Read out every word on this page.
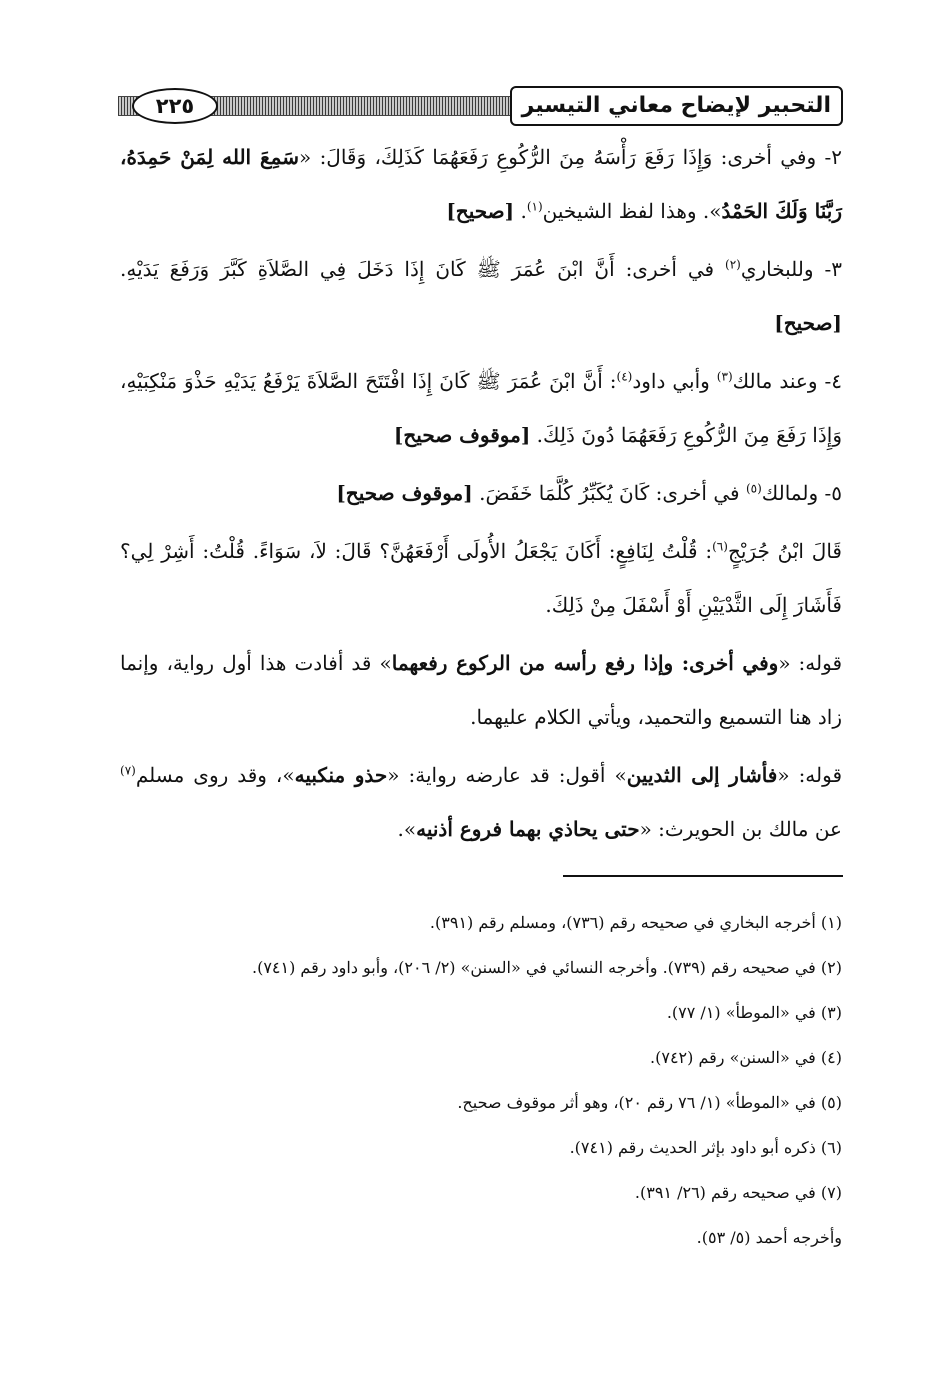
التحبير لإيضاح معاني التيسير
٢٢٥

٢- وفي أخرى: وَإِذَا رَفَعَ رَأْسَهُ مِنَ الرُّكُوعِ رَفَعَهُمَا كَذَلِكَ، وَقَالَ: «سَمِعَ الله لِمَنْ حَمِدَهُ، رَبَّنَا وَلَكَ الحَمْدُ». وهذا لفظ الشيخين$^{(١)}$. [صحيح]

٣- وللبخاري$^{(٢)}$ في أخرى: أَنَّ ابْنَ عُمَرَ ﷺ كَانَ إِذَا دَخَلَ فِي الصَّلاَةِ كَبَّرَ وَرَفَعَ يَدَيْهِ. [صحيح]

٤- وعند مالك$^{(٣)}$ وأبي داود$^{(٤)}$: أَنَّ ابْنَ عُمَرَ ﷺ كَانَ إِذَا افْتَتَحَ الصَّلاَةَ يَرْفَعُ يَدَيْهِ حَذْوَ مَنْكِبَيْهِ، وَإِذَا رَفَعَ مِنَ الرُّكُوعِ رَفَعَهُمَا دُونَ ذَلِكَ. [موقوف صحيح]

٥- ولمالك$^{(٥)}$ في أخرى: كَانَ يُكَبِّرُ كُلَّمَا خَفَضَ. [موقوف صحيح]

قَالَ ابْنُ جُرَيْجٍ$^{(٦)}$: قُلْتُ لِنَافِعٍ: أَكَانَ يَجْعَلُ الأُولَى أَرْفَعَهُنَّ؟ قَالَ: لاَ، سَوَاءً. قُلْتُ: أَشِرْ لِي؟ فَأَشَارَ إِلَى الثَّدْيَيْنِ أَوْ أَسْفَلَ مِنْ ذَلِكَ.

قوله: «وفي أخرى: وإذا رفع رأسه من الركوع رفعهما» قد أفادت هذا أول رواية، وإنما زاد هنا التسميع والتحميد، ويأتي الكلام عليهما.

قوله: «فأشار إلى الثديين» أقول: قد عارضه رواية: «حذو منكبيه»، وقد روى مسلم$^{(٧)}$ عن مالك بن الحويرث: «حتى يحاذي بهما فروع أذنيه».

(١) أخرجه البخاري في صحيحه رقم (٧٣٦)، ومسلم رقم (٣٩١).

(٢) في صحيحه رقم (٧٣٩). وأخرجه النسائي في «السنن» (٢/ ٢٠٦)، وأبو داود رقم (٧٤١).

(٣) في «الموطأ» (١/ ٧٧).

(٤) في «السنن» رقم (٧٤٢).

(٥) في «الموطأ» (١/ ٧٦ رقم ٢٠)، وهو أثر موقوف صحيح.

(٦) ذكره أبو داود بإثر الحديث رقم (٧٤١).

(٧) في صحيحه رقم (٢٦/ ٣٩١).

وأخرجه أحمد (٥/ ٥٣).
